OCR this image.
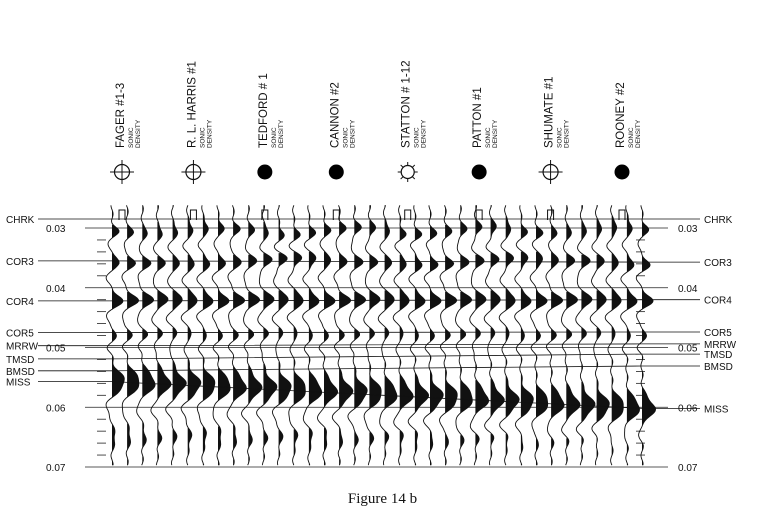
FAGER #1-3 SONIC DENSITY	R. L. HARRIS #1 SONIC DENSITY	TEDFORD # 1 SONIC DENSITY	CANNON #2 SONIC DENSITY	STATTON # 1-12 SONIC DENSITY	PATTON #1 SONIC DENSITY	SHUMATE #1 SONIC DENSITY	ROONEY #2 SONIC DENSITY
0.03	0.03
0.04	0.04
0.05	0.05
0.06	0.06
0.07	0.07
CHRK	CHRK
COR3	COR3
COR4	COR4
COR5	COR5
MRRW	MRRW
TMSD	TMSD
BMSD	BMSD
MISS
MISS
Figure 14 b
